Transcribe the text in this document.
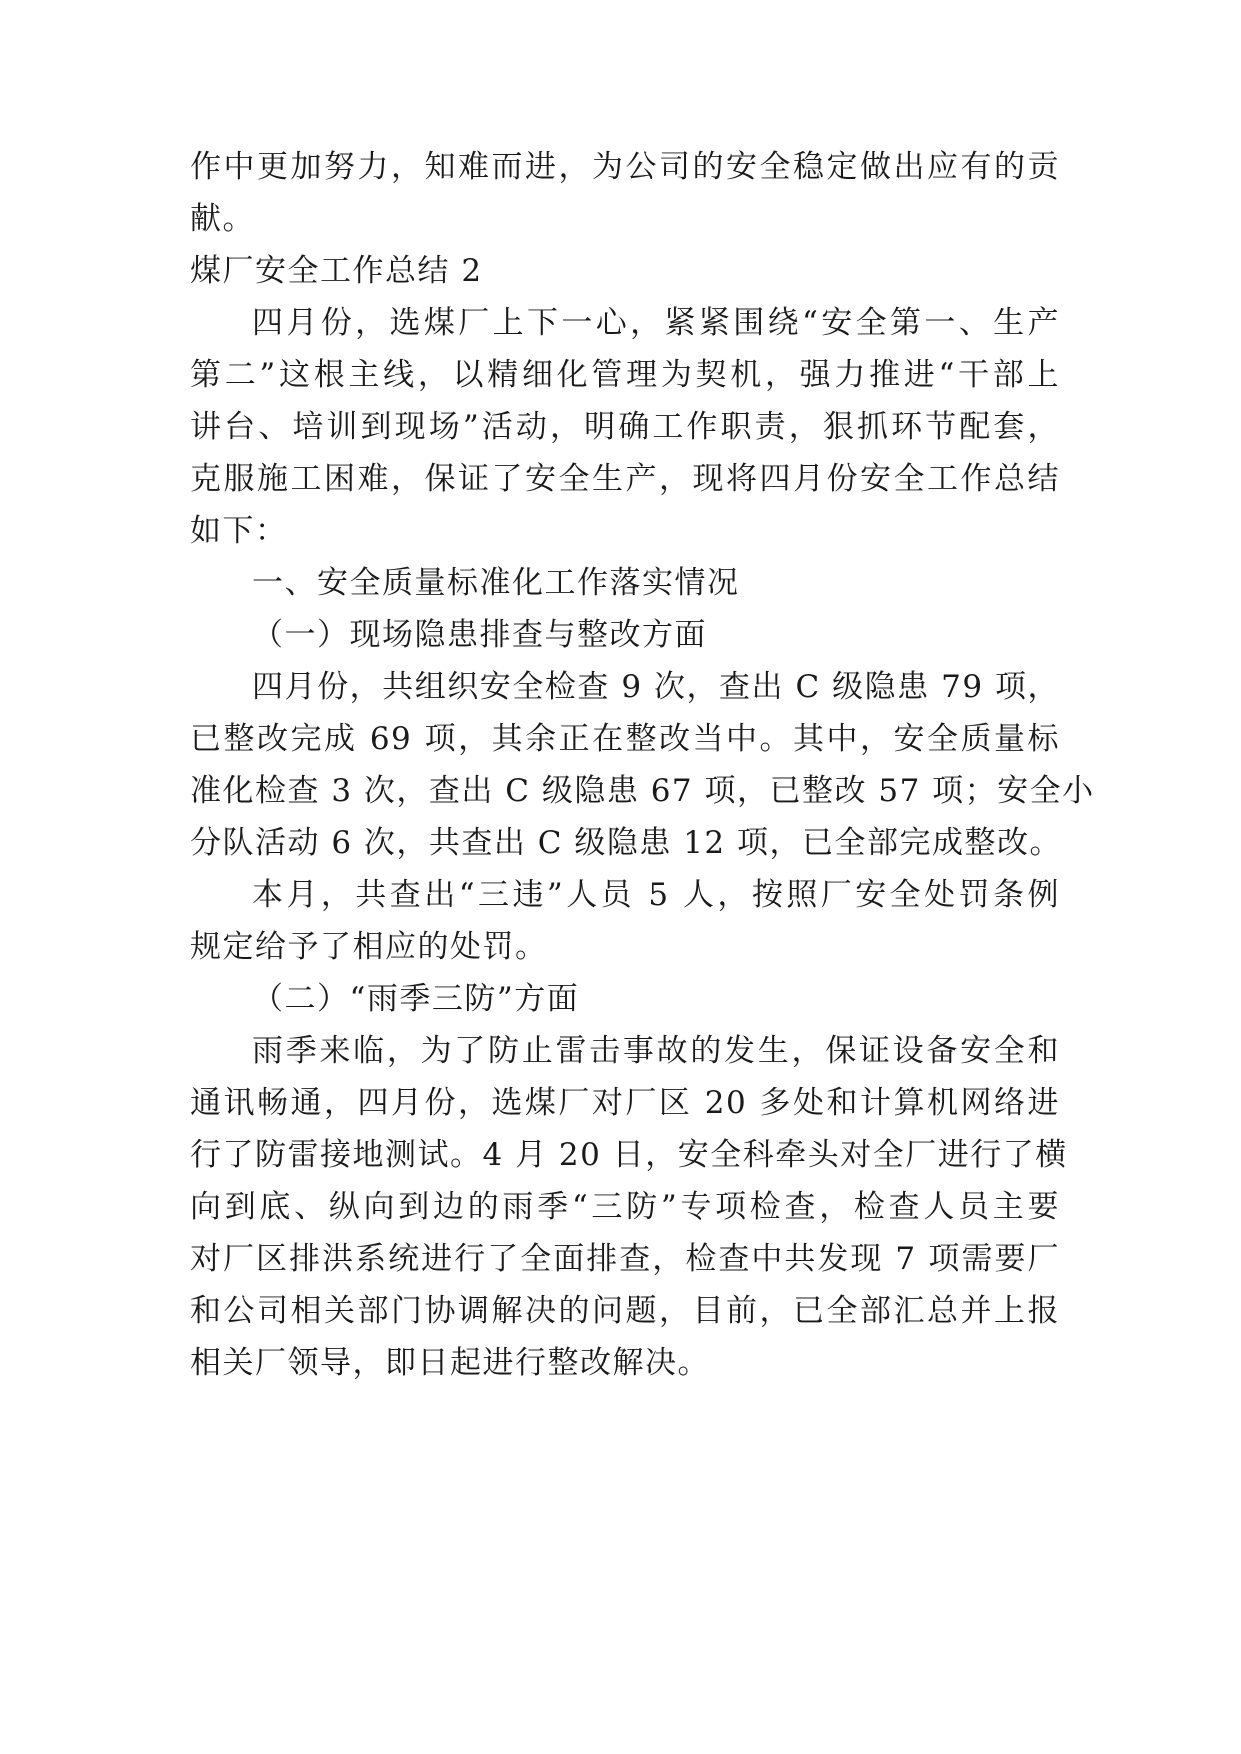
作中更加努力，知难而进，为公司的安全稳定做出应有的贡
献。
煤厂安全工作总结 2
四月份，选煤厂上下一心，紧紧围绕“安全第一、生产
第二”这根主线，以精细化管理为契机，强力推进“干部上
讲台、培训到现场”活动，明确工作职责，狠抓环节配套，
克服施工困难，保证了安全生产，现将四月份安全工作总结
如下：
一、安全质量标准化工作落实情况
（一）现场隐患排查与整改方面
四月份，共组织安全检查 9 次，查出 C 级隐患 79 项，
已整改完成 69 项，其余正在整改当中。其中，安全质量标
准化检查 3 次，查出 C 级隐患 67 项，已整改 57 项；安全小
分队活动 6 次，共查出 C 级隐患 12 项，已全部完成整改。
本月，共查出“三违”人员 5 人，按照厂安全处罚条例
规定给予了相应的处罚。
（二）“雨季三防”方面
雨季来临，为了防止雷击事故的发生，保证设备安全和
通讯畅通，四月份，选煤厂对厂区 20 多处和计算机网络进
行了防雷接地测试。4 月 20 日，安全科牵头对全厂进行了横
向到底、纵向到边的雨季“三防”专项检查，检查人员主要
对厂区排洪系统进行了全面排查，检查中共发现 7 项需要厂
和公司相关部门协调解决的问题，目前，已全部汇总并上报
相关厂领导，即日起进行整改解决。
